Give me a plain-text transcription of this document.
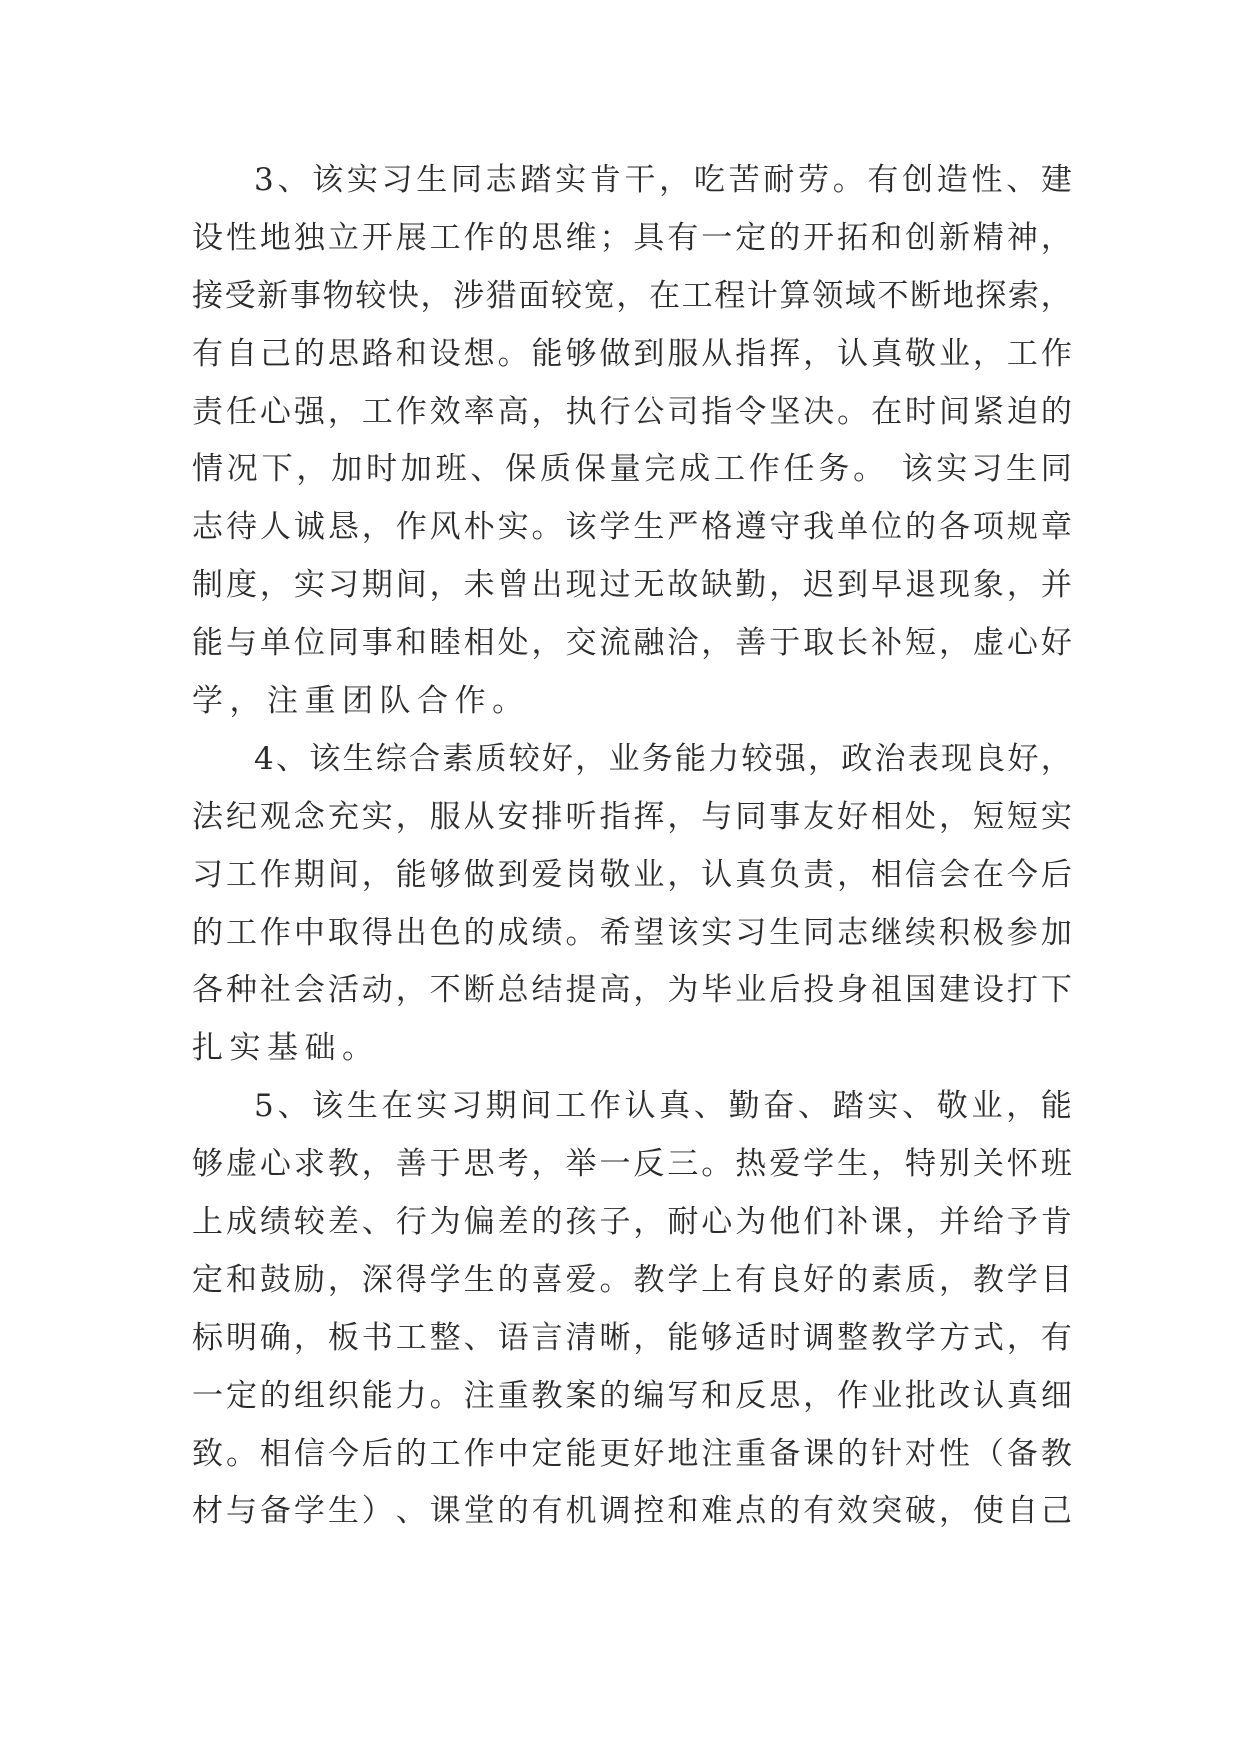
3 、 该 实 习 生 同 志 踏 实 肯 干 ， 吃 苦 耐 劳 。 有 创 造 性 、 建
设 性 地 独 立 开 展 工 作 的 思 维 ； 具 有 一 定 的 开 拓 和 创 新 精 神 ，
接 受 新 事 物 较 快 ， 涉 猎 面 较 宽 ， 在 工 程 计 算 领 域 不 断 地 探 索 ，
有 自 己 的 思 路 和 设 想 。 能 够 做 到 服 从 指 挥 ， 认 真 敬 业 ， 工 作
责 任 心 强 ， 工 作 效 率 高 ， 执 行 公 司 指 令 坚 决 。 在 时 间 紧 迫 的
情 况 下 ， 加 时 加 班 、 保 质 保 量 完 成 工 作 任 务 。
该 实 习 生 同
志 待 人 诚 恳 ， 作 风 朴 实 。 该 学 生 严 格 遵 守 我 单 位 的 各 项 规 章
制 度 ， 实 习 期 间 ， 未 曾 出 现 过 无 故 缺 勤 ， 迟 到 早 退 现 象 ， 并
能 与 单 位 同 事 和 睦 相 处 ， 交 流 融 洽 ， 善 于 取 长 补 短 ， 虚 心 好
学，注重团队合作。
4 、 该 生 综 合 素 质 较 好 ， 业 务 能 力 较 强 ， 政 治 表 现 良 好 ，
法 纪 观 念 充 实 ， 服 从 安 排 听 指 挥 ， 与 同 事 友 好 相 处 ， 短 短 实
习 工 作 期 间 ， 能 够 做 到 爱 岗 敬 业 ， 认 真 负 责 ， 相 信 会 在 今 后
的 工 作 中 取 得 出 色 的 成 绩 。 希 望 该 实 习 生 同 志 继 续 积 极 参 加
各 种 社 会 活 动 ， 不 断 总 结 提 高 ， 为 毕 业 后 投 身 祖 国 建 设 打 下
扎实基础。
5 、 该 生 在 实 习 期 间 工 作 认 真 、 勤 奋 、 踏 实 、 敬 业 ， 能
够 虚 心 求 教 ， 善 于 思 考 ， 举 一 反 三 。 热 爱 学 生 ， 特 别 关 怀 班
上 成 绩 较 差 、 行 为 偏 差 的 孩 子 ， 耐 心 为 他 们 补 课 ， 并 给 予 肯
定 和 鼓 励 ， 深 得 学 生 的 喜 爱 。 教 学 上 有 良 好 的 素 质 ， 教 学 目
标 明 确 ， 板 书 工 整 、 语 言 清 晰 ， 能 够 适 时 调 整 教 学 方 式 ， 有
一 定 的 组 织 能 力 。 注 重 教 案 的 编 写 和 反 思 ， 作 业 批 改 认 真 细
致 。 相 信 今 后 的 工 作 中 定 能 更 好 地 注 重 备 课 的 针 对 性 （ 备 教
材 与 备 学 生 ） 、 课 堂 的 有 机 调 控 和 难 点 的 有 效 突 破 ， 使 自 己
